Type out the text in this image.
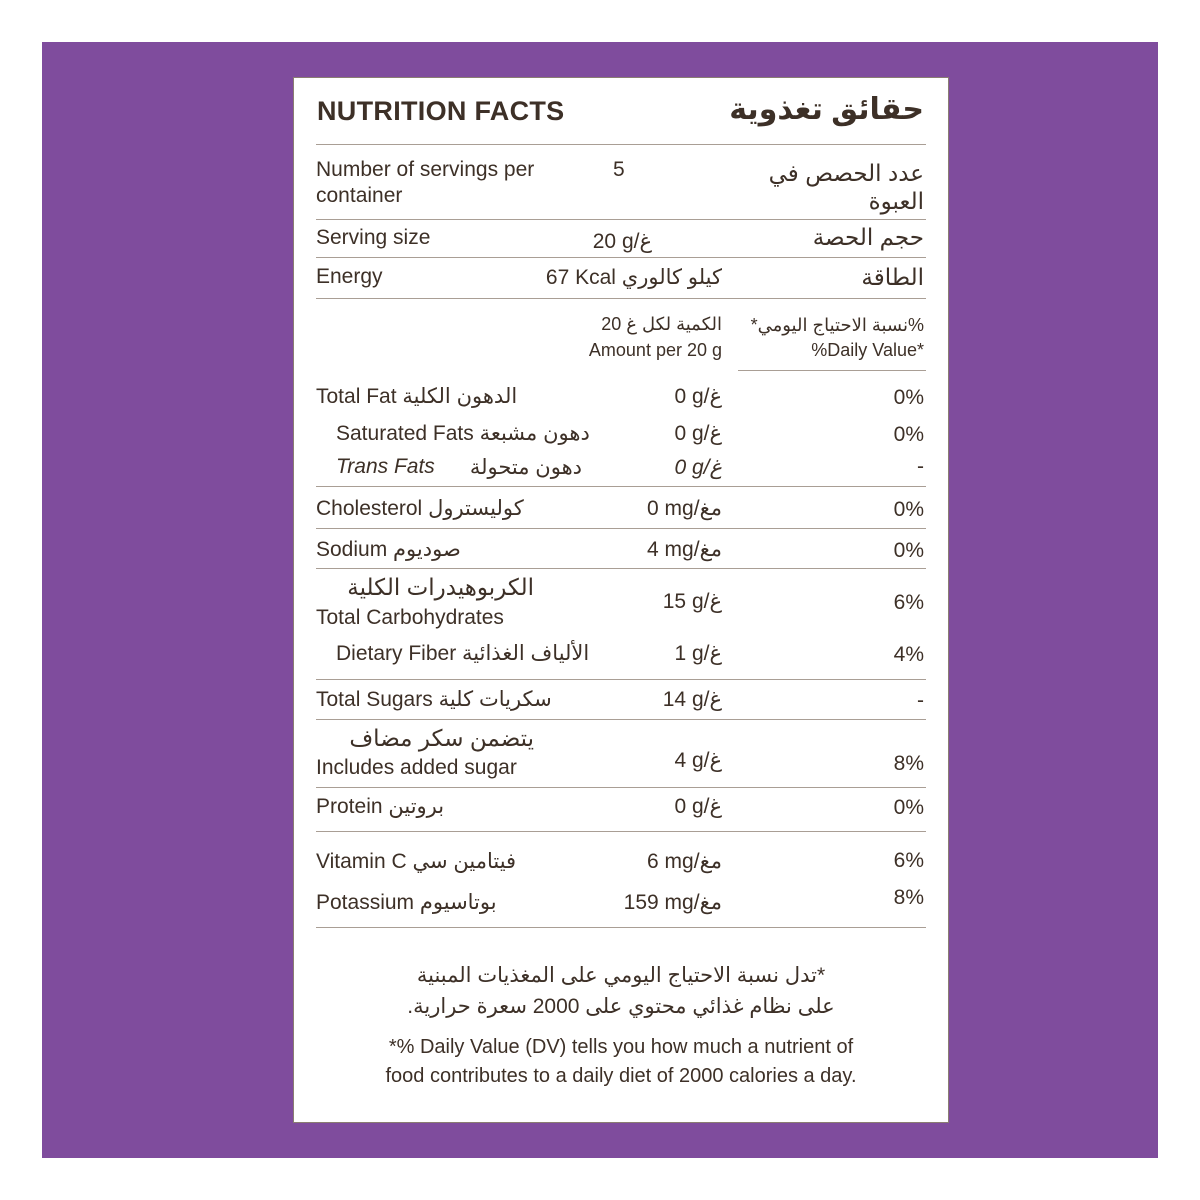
NUTRITION FACTS	حقائق تغذوية
Number of servings per
container
5	عدد الحصص في
العبوة
Serving size	20 g/غ	حجم الحصة
Energy	67 Kcal كيلو كالوري	الطاقة
الكمية لكل غ 20
Amount per 20 g
%نسبة الاحتياج اليومي*
%Daily Value*
Total Fat الدهون الكلية	0 g/غ	0%
Saturated Fats دهون مشبعة	0 g/غ	0%
Trans Fats دهون متحولة	0 g/غ	-
Cholesterol كوليسترول	0 mg/مغ	0%
Sodium صوديوم	4 mg/مغ	0%
الكربوهيدرات الكلية
Total Carbohydrates
15 g/غ	6%
Dietary Fiber الألياف الغذائية	1 g/غ	4%
Total Sugars سكريات كلية	14 g/غ	-
يتضمن سكر مضاف
Includes added sugar	4 g/غ	8%
Protein بروتين	0 g/غ	0%
Vitamin C فيتامين سي	6 mg/مغ	6%
Potassium بوتاسيوم	159 mg/مغ	8%
*تدل نسبة الاحتياج اليومي على المغذيات المبنية
على نظام غذائي محتوي على 2000 سعرة حرارية.
*% Daily Value (DV) tells you how much a nutrient of
food contributes to a daily diet of 2000 calories a day.
